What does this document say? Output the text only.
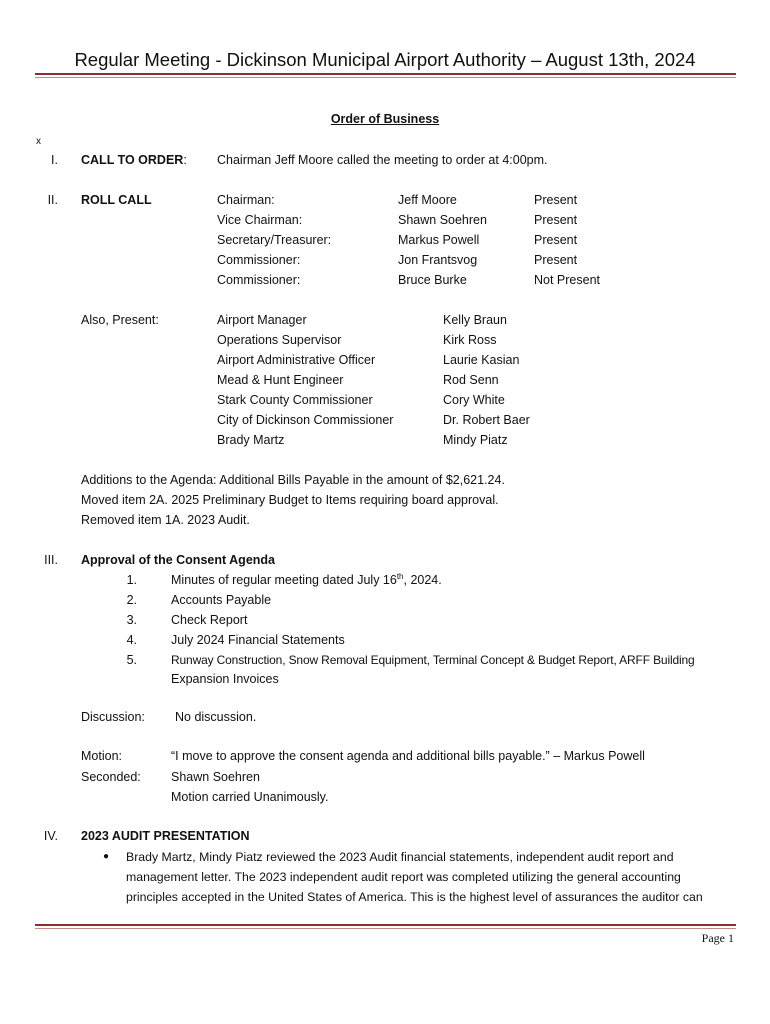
Regular Meeting - Dickinson Municipal Airport Authority – August 13th, 2024
Order of Business
x
I. CALL TO ORDER: Chairman Jeff Moore called the meeting to order at 4:00pm.
II. ROLL CALL	Chairman:	Jeff Moore	Present
Vice Chairman:	Shawn Soehren	Present
Secretary/Treasurer:	Markus Powell	Present
Commissioner:	Jon Frantsvog	Present
Commissioner:	Bruce Burke	Not Present
Also, Present:	Airport Manager	Kelly Braun
Operations Supervisor	Kirk Ross
Airport Administrative Officer	Laurie Kasian
Mead & Hunt Engineer	Rod Senn
Stark County Commissioner	Cory White
City of Dickinson Commissioner	Dr. Robert Baer
Brady Martz	Mindy Piatz
Additions to the Agenda: Additional Bills Payable in the amount of $2,621.24.
Moved item 2A. 2025 Preliminary Budget to Items requiring board approval.
Removed item 1A. 2023 Audit.
III. Approval of the Consent Agenda
1.	Minutes of regular meeting dated July 16th, 2024.
2.	Accounts Payable
3.	Check Report
4.	July 2024 Financial Statements
5.	Runway Construction, Snow Removal Equipment, Terminal Concept & Budget Report, ARFF Building
Expansion Invoices
Discussion: No discussion.
Motion:	“I move to approve the consent agenda and additional bills payable.” – Markus Powell
Seconded: Shawn Soehren
Motion carried Unanimously.
IV. 2023 AUDIT PRESENTATION
● Brady Martz, Mindy Piatz reviewed the 2023 Audit financial statements, independent audit report and
management letter. The 2023 independent audit report was completed utilizing the general accounting
principles accepted in the United States of America. This is the highest level of assurances the auditor can
Page 1
